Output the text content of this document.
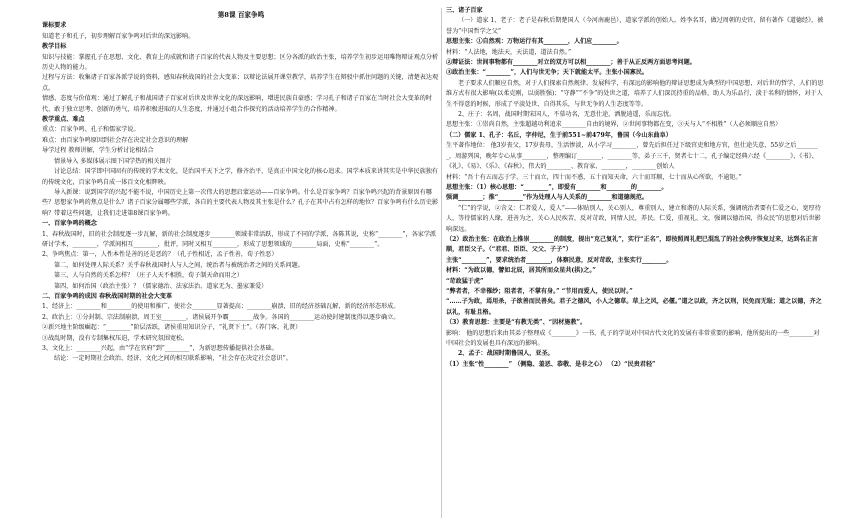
第8课 百家争鸣
课标要求
知道老子和孔子，初步理解百家争鸣对后世的深远影响。
教学目标
知识与技能：掌握孔子在思想、文化、教育上的成就和诸子百家的代表人物及主要思想；区分各派的政治主张，培养学生初步运用唯物辩证观点分析历史人物的能力。
过程与方法：收集诸子百家各派学说的资料，感知春秋战国的社会大变革；以辩论法展开课堂教学，培养学生在辩驳中抓住问题的关键，清楚表达观点。
情感、态度与价值观：通过了解孔子和战国诸子百家对后世及世界文化的深远影响，增进民族自豪感；学习孔子和诸子百家在当时社会大变革的时代，敢于独立思考、创新的勇气，培养积极进取的人生态度，并通过小组合作探究的活动培养学生的合作精神。
教学重点、难点
重点：百家争鸣、孔子和儒家学说。
难点：由百家争鸣原因到社会存在决定社会意识的理解
导学过程 教师讲解，学生分析讨论相结合
情景导入 多媒体展示图下国学热的相关图片
讨论总结：国学即中国固有的传统的学术文化，是治国平天下之学，修齐治平，是真正中国文化的核心追求。国学本质来讲其实是中华民族独有的传统文化，百家争鸣自成一体百文化相辉映。
导入新课：说到国学的兴起不能不说，中国历史上第一次伟大的思想启蒙运动——百家争鸣。什么是百家争鸣？百家争鸣兴起的背景原因有哪些？思想家争鸣的焦点是什么？诸子百家分属哪些学派，各自的主要代表人物及其主张是什么？孔子在其中占有怎样的地位？百家争鸣有什么历史影响？带着这些问题，让我们走进第8课百家争鸣。
一、百家争鸣的概念
1、春秋战国时，旧的社会制度逐一步瓦解，新的社会制度逐步________领域非常活跃，形成了不同的学派，各陈其说，史称“________”，各家学派研讨学术，________，学派间相互________，批评，同时又相互________，形成了思想领域的________局面，史称“________”。
2、争鸣焦点：第一，人性本性是善的还是恶的？（孔子性相近，孟子性善，荀子性恶）
第二，如何处理人际关系？关乎春秋战国时人与人之间，统治者与被统治者之间的关系问题。
第三，人与自然的关系怎样？（庄子人天不相胜，荀子制天命而用之）
第四，如何治国（政治主张）？（儒家德治、法家法治、道家无为、墨家兼爱）
二、百家争鸣的成因 春秋战国时期的社会大变革
1、经济上：________和________的使用和推广，使社会________显著提高；________崩溃，旧的经济基础瓦解，新的经济形态形成。
2、政治上：①分封制、宗法制崩溃，周王室________，诸侯展开争霸________战争。各国的________运动使封建制度得以逐步确立。
②新兴地主阶级崛起：“________”阶层活跃，诸侯重用知识分子，“礼贤下士”。（养门客、礼贤）
③战乱时期，没有专制集权压迫，学术研究氛围宽松。
3、文化上：________兴起，由“学在官府”到“________”，为新思想传播提供社会基础。
结论：一定时期社会政治、经济、文化之间的相互联系影响，“社会存在决定社会意识”。
三、诸子百家
（一）道家 1、老子：老子是春秋后期楚国人（今河南鹿邑），道家学派的创始人。姓李名耳，做过周朝的史官，留有著作《道德经》，被誉为“中国哲学之父”
思想主张：①自然观：万物运行有其________，人们应________。
材料：“人法地，地法天，天法道，道法自然。”
②辩证法：世间事物都有________对立的双方可以相________；善于从正反两方面思考问题。
③政治主张：“________”，人们与世无争；天下就能太平。主张小国寡民。
老子要求人们顺应自然，对于人们探索自然规律、发展科学，有深远的影响他的辩证思想成为典型的中国思想，对后世的哲学，人们的思维方式有很大影响(以柔克刚，以弱胜强)；“守静”“不争”的处世之道，培养了人们深沉持重的品格，助人为乐品行，淡于名利的情怀，对于人生不得意的时候，形成了平淡处世、自得其乐，与世无争的人生态度等等。
2、庄子：名周，战国时期宋国人，不慕功名，无意仕途，洒脱逍遥，乐而忘忧。
思想主张：①崇尚自然，主张超越功利追求________自由的境界，②世间事物都在变，③天与人“不相胜”（人必须顺应自然）
（二）儒家 1、孔子：名丘，字仲尼，生于前551~前479年，鲁国（今山东曲阜）
生平著作地位： 他3岁丧父，17岁丧母，生活惨淡，从小学习________，曾先后担任过下级官吏和地方官，但仕途失意，55岁之后________，周游列国，晚年专心从事________，整理编订________、________等，弟子三千，贤者七十二，孔子编定经典六经《________》、《书》、《礼》、《易》、《乐》、《春秋》，伟大的________、教育家、________，________创始人
材料：“吾十有五而志于学，三十而立，四十而不惑，五十而知天命，六十而耳顺，七十而从心所欲，不逾矩。”
思想主张：（1）核心思想：“________”，即爱有________和________的________。
强调________；推“________”作为处理人与人关系的________和道德规范。
“仁”的学说，②含义：仁者爱人，爱人“——体贴别人，关心别人，尊重别人，建立和谐的人际关系，强调统治者要有仁爱之心，宽厚待人，等待儒家的人缘，进善为之，关心人民疾苦，反对苛政，同情人民，养民。仁爱，重视礼、文，强调以德治国，得众民”的思想对后世影响深远。
（2）政治主张：在政治上推崇________的制度，提出“克己复礼”，实行“正名”，即按照周礼把已混乱了的社会秩序恢复过来，达到名正言顺，君臣父子。（“君君、臣臣、父父、子子”）
主张“________”，要求统治者________，体察民意，反对苛政，主张实行________。
材料：“为政以德，譬如北辰，居其所而众星共(拱)之。”
“苛政猛于虎”
“弊者者，不幸罹纱；阻者者，不掌有身。” “节用而爱人，使民以时。”
“……子为政，焉用杀，子欲善而民善矣。君子之德风，小人之德草。草上之风，必偃。”道之以政，齐之以刑，民免而无耻；道之以德，齐之以礼，有耻且格。
（3）教育思想：主要是“有教无类”、“因材施教”。
影响： 他的思想后来由其弟子整理成《________》一书，孔子的学说对中国古代文化的发展有非常重要的影响，他所提出的一些________对中国社会的发展也具有深远的影响。
2、孟子：战国时期鲁国人，亚圣。
（1）主张“性________” （侧隐、羞恶、恭敬、是非之心） （2）“民贵君轻”
